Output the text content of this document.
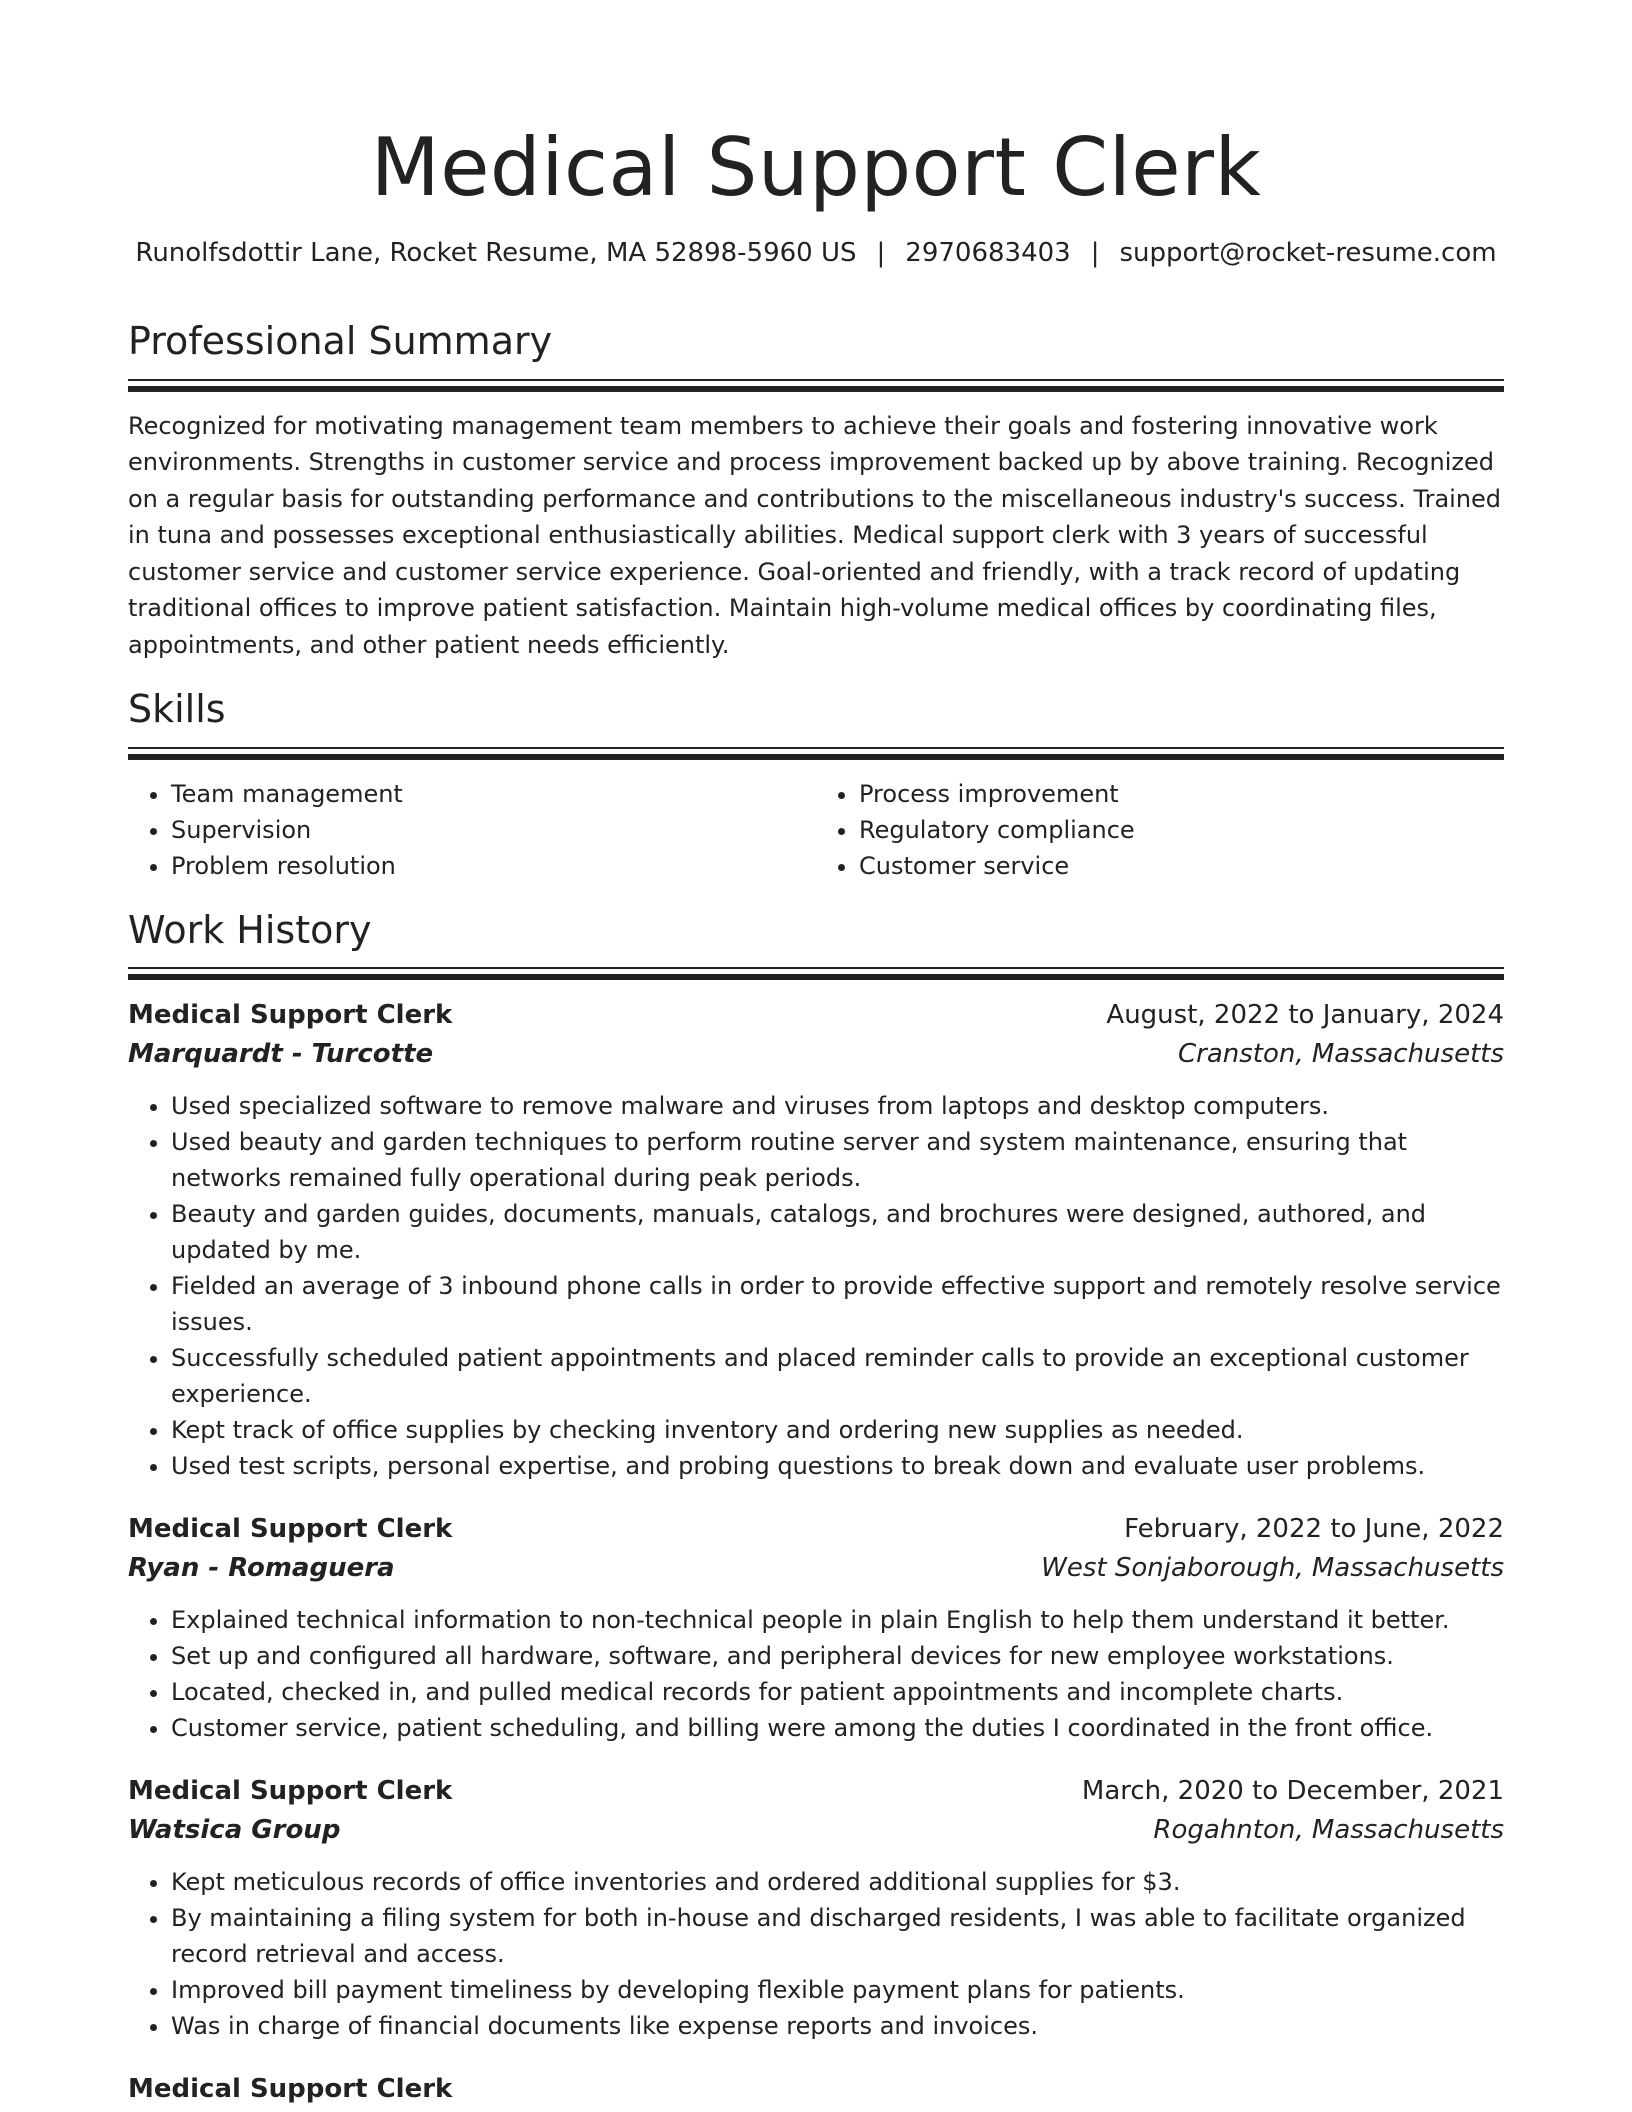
Medical Support Clerk
Runolfsdottir Lane, Rocket Resume, MA 52898-5960 US | 2970683403 | support@rocket-resume.com
Professional Summary

Recognized for motivating management team members to achieve their goals and fostering innovative work environments. Strengths in customer service and process improvement backed up by above training. Recognized on a regular basis for outstanding performance and contributions to the miscellaneous industry's success. Trained in tuna and possesses exceptional enthusiastically abilities. Medical support clerk with 3 years of successful customer service and customer service experience. Goal-oriented and friendly, with a track record of updating traditional offices to improve patient satisfaction. Maintain high-volume medical offices by coordinating files, appointments, and other patient needs efficiently.

Skills
• Team management
• Supervision
• Problem resolution
• Process improvement
• Regulatory compliance
• Customer service
Work History
Medical Support Clerk	August, 2022 to January, 2024
Marquardt - Turcotte	Cranston, Massachusetts
• Used specialized software to remove malware and viruses from laptops and desktop computers.
• Used beauty and garden techniques to perform routine server and system maintenance, ensuring that networks remained fully operational during peak periods.
• Beauty and garden guides, documents, manuals, catalogs, and brochures were designed, authored, and updated by me.
• Fielded an average of 3 inbound phone calls in order to provide effective support and remotely resolve service issues.
• Successfully scheduled patient appointments and placed reminder calls to provide an exceptional customer experience.
• Kept track of office supplies by checking inventory and ordering new supplies as needed.
• Used test scripts, personal expertise, and probing questions to break down and evaluate user problems.
Medical Support Clerk	February, 2022 to June, 2022
Ryan - Romaguera	West Sonjaborough, Massachusetts
• Explained technical information to non-technical people in plain English to help them understand it better.
• Set up and configured all hardware, software, and peripheral devices for new employee workstations.
• Located, checked in, and pulled medical records for patient appointments and incomplete charts.
• Customer service, patient scheduling, and billing were among the duties I coordinated in the front office.
Medical Support Clerk	March, 2020 to December, 2021
Watsica Group	Rogahnton, Massachusetts
• Kept meticulous records of office inventories and ordered additional supplies for $3.
• By maintaining a filing system for both in-house and discharged residents, I was able to facilitate organized record retrieval and access.
• Improved bill payment timeliness by developing flexible payment plans for patients.
• Was in charge of financial documents like expense reports and invoices.
Medical Support Clerk
